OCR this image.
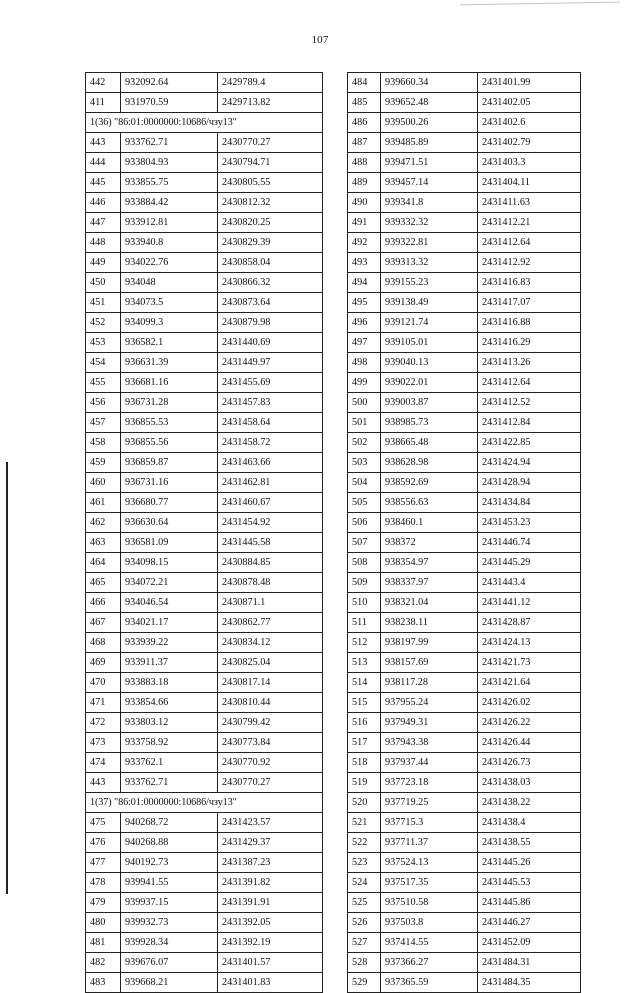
107
442	932092.64	2429789.4
411	931970.59	2429713.82
1(36) "86:01:0000000:10686/чзу13"		
443	933762.71	2430770.27
444	933804.93	2430794.71
445	933855.75	2430805.55
446	933884.42	2430812.32
447	933912.81	2430820.25
448	933940.8	2430829.39
449	934022.76	2430858.04
450	934048	2430866.32
451	934073.5	2430873.64
452	934099.3	2430879.98
453	936582.1	2431440.69
454	936631.39	2431449.97
455	936681.16	2431455.69
456	936731.28	2431457.83
457	936855.53	2431458.64
458	936855.56	2431458.72
459	936859.87	2431463.66
460	936731.16	2431462.81
461	936680.77	2431460.67
462	936630.64	2431454.92
463	936581.09	2431445.58
464	934098.15	2430884.85
465	934072.21	2430878.48
466	934046.54	2430871.1
467	934021.17	2430862.77
468	933939.22	2430834.12
469	933911.37	2430825.04
470	933883.18	2430817.14
471	933854.66	2430810.44
472	933803.12	2430799.42
473	933758.92	2430773.84
474	933762.1	2430770.92
443	933762.71	2430770.27
1(37) "86:01:0000000:10686/чзу13"		
475	940268.72	2431423.57
476	940268.88	2431429.37
477	940192.73	2431387.23
478	939941.55	2431391.82
479	939937.15	2431391.91
480	939932.73	2431392.05
481	939928.34	2431392.19
482	939676.07	2431401.57
483	939668.21	2431401.83
484	939660.34	2431401.99
485	939652.48	2431402.05
486	939500.26	2431402.6
487	939485.89	2431402.79
488	939471.51	2431403.3
489	939457.14	2431404.11
490	939341.8	2431411.63
491	939332.32	2431412.21
492	939322.81	2431412.64
493	939313.32	2431412.92
494	939155.23	2431416.83
495	939138.49	2431417.07
496	939121.74	2431416.88
497	939105.01	2431416.29
498	939040.13	2431413.26
499	939022.01	2431412.64
500	939003.87	2431412.52
501	938985.73	2431412.84
502	938665.48	2431422.85
503	938628.98	2431424.94
504	938592.69	2431428.94
505	938556.63	2431434.84
506	938460.1	2431453.23
507	938372	2431446.74
508	938354.97	2431445.29
509	938337.97	2431443.4
510	938321.04	2431441.12
511	938238.11	2431428.87
512	938197.99	2431424.13
513	938157.69	2431421.73
514	938117.28	2431421.64
515	937955.24	2431426.02
516	937949.31	2431426.22
517	937943.38	2431426.44
518	937937.44	2431426.73
519	937723.18	2431438.03
520	937719.25	2431438.22
521	937715.3	2431438.4
522	937711.37	2431438.55
523	937524.13	2431445.26
524	937517.35	2431445.53
525	937510.58	2431445.86
526	937503.8	2431446.27
527	937414.55	2431452.09
528	937366.27	2431484.31
529	937365.59	2431484.35
